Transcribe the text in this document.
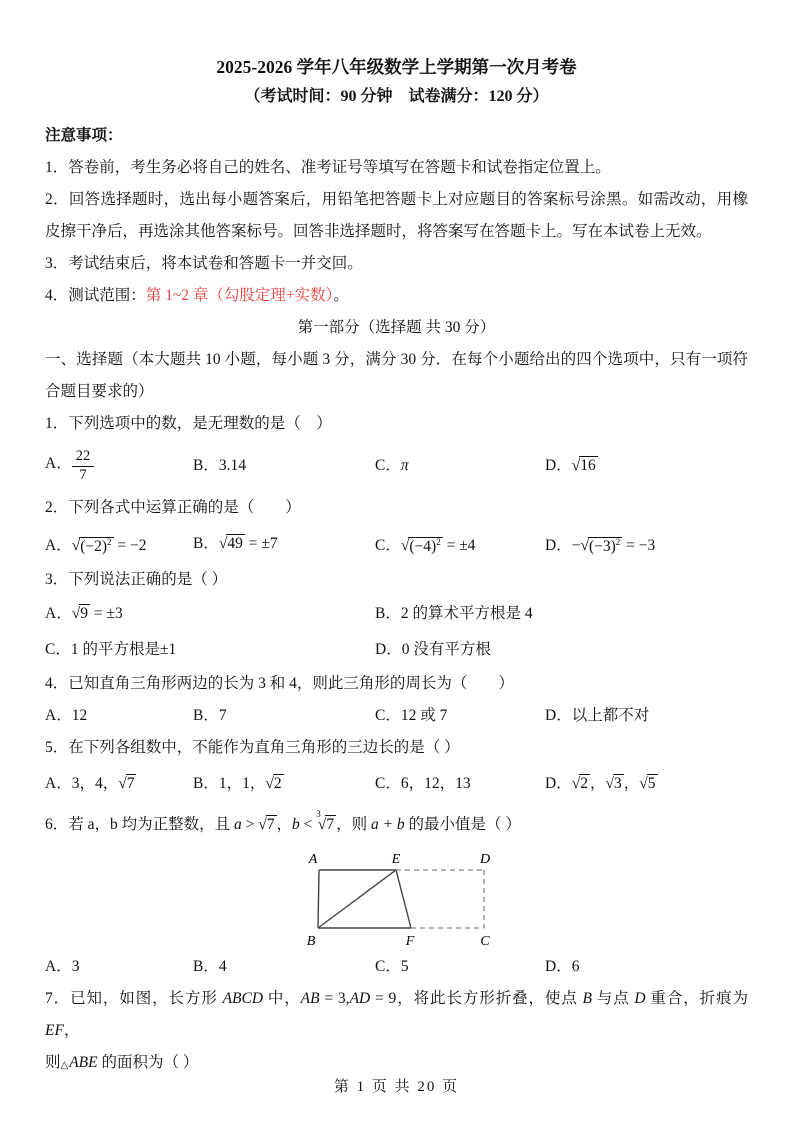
2025-2026 学年八年级数学上学期第一次月考卷

（考试时间：90 分钟　试卷满分：120 分）

注意事项：

1．答卷前，考生务必将自己的姓名、准考证号等填写在答题卡和试卷指定位置上。

2．回答选择题时，选出每小题答案后，用铅笔把答题卡上对应题目的答案标号涂黑。如需改动，用橡皮擦干净后，再选涂其他答案标号。回答非选择题时，将答案写在答题卡上。写在本试卷上无效。

3．考试结束后，将本试卷和答题卡一并交回。

4．测试范围：第 1~2 章（勾股定理+实数）。

第一部分（选择题 共 30 分）

一、选择题（本大题共 10 小题，每小题 3 分，满分 30 分．在每个小题给出的四个选项中，只有一项符合题目要求的）

1．下列选项中的数，是无理数的是（　）

A． $\frac{22}{7}$	B．3.14	C．π	D．√16

2．下列各式中运算正确的是（　　）

A．$√(-2)^2 = -2$	B．√49 = ±7	C．$√(-4)^2 = \pm 4$	D．$-√(-3)^2 = -3$

3．下列说法正确的是（ ）

A．√9 = ±3	B．2 的算术平方根是 4
C．1 的平方根是±1	D．0 没有平方根

4．已知直角三角形两边的长为 3 和 4，则此三角形的周长为（　　）

A．12	B．7	C．12 或 7	D．以上都不对

5．在下列各组数中，不能作为直角三角形的三边长的是（ ）

A．3，4，√7	B．1，1，√2	C．6，12，13	D．√2 ，√3 ，√5

6．若 a，b 均为正整数，且 a > √7 ，b < $^3$√7 ，则 a + b 的最小值是（ ）

A	E	D
B	F	C
A．3	B．4	C．5	D．6

7．已知，如图，长方形 ABCD 中，AB = 3,AD = 9，将此长方形折叠，使点 B 与点 D 重合，折痕为 EF，
则△ABE 的面积为（ ）

第 1 页 共 20 页
